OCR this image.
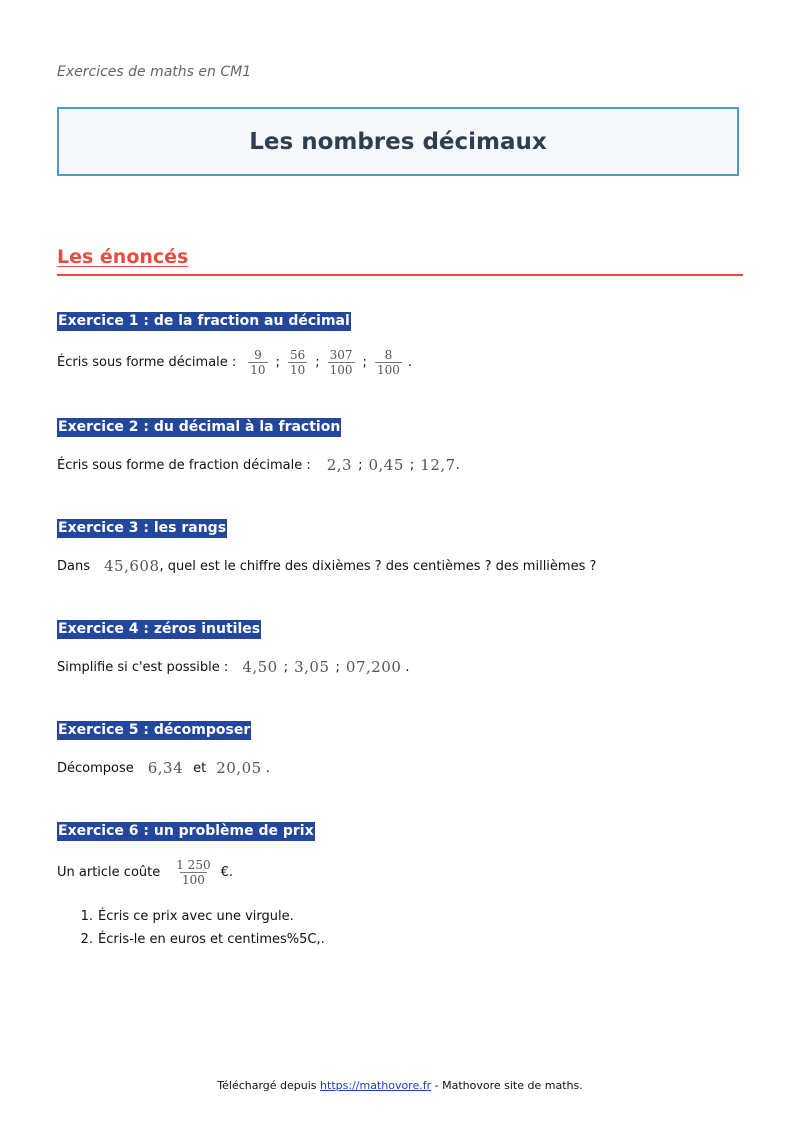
Exercices de maths en CM1
Les nombres décimaux
Les énoncés
Exercice 1 : de la fraction au décimal
Écris sous forme décimale : $\frac{9}{10}$ ; $\frac{56}{10}$ ; $\frac{307}{100}$ ; $\frac{8}{100}$ .
Exercice 2 : du décimal à la fraction
Écris sous forme de fraction décimale : 2,3 ; 0,45 ; 12,7 .
Exercice 3 : les rangs
Dans 45,608 , quel est le chiffre des dixièmes ? des centièmes ? des millièmes ?
Exercice 4 : zéros inutiles
Simplifie si c'est possible : 4,50 ; 3,05 ; 07,200 .
Exercice 5 : décomposer
Décompose 6,34 et 20,05 .
Exercice 6 : un problème de prix
Un article coûte $\frac{1 250}{100}$ €.
1. Écris ce prix avec une virgule.
2. Écris-le en euros et centimes%5C,.
Téléchargé depuis https://mathovore.fr - Mathovore site de maths.
